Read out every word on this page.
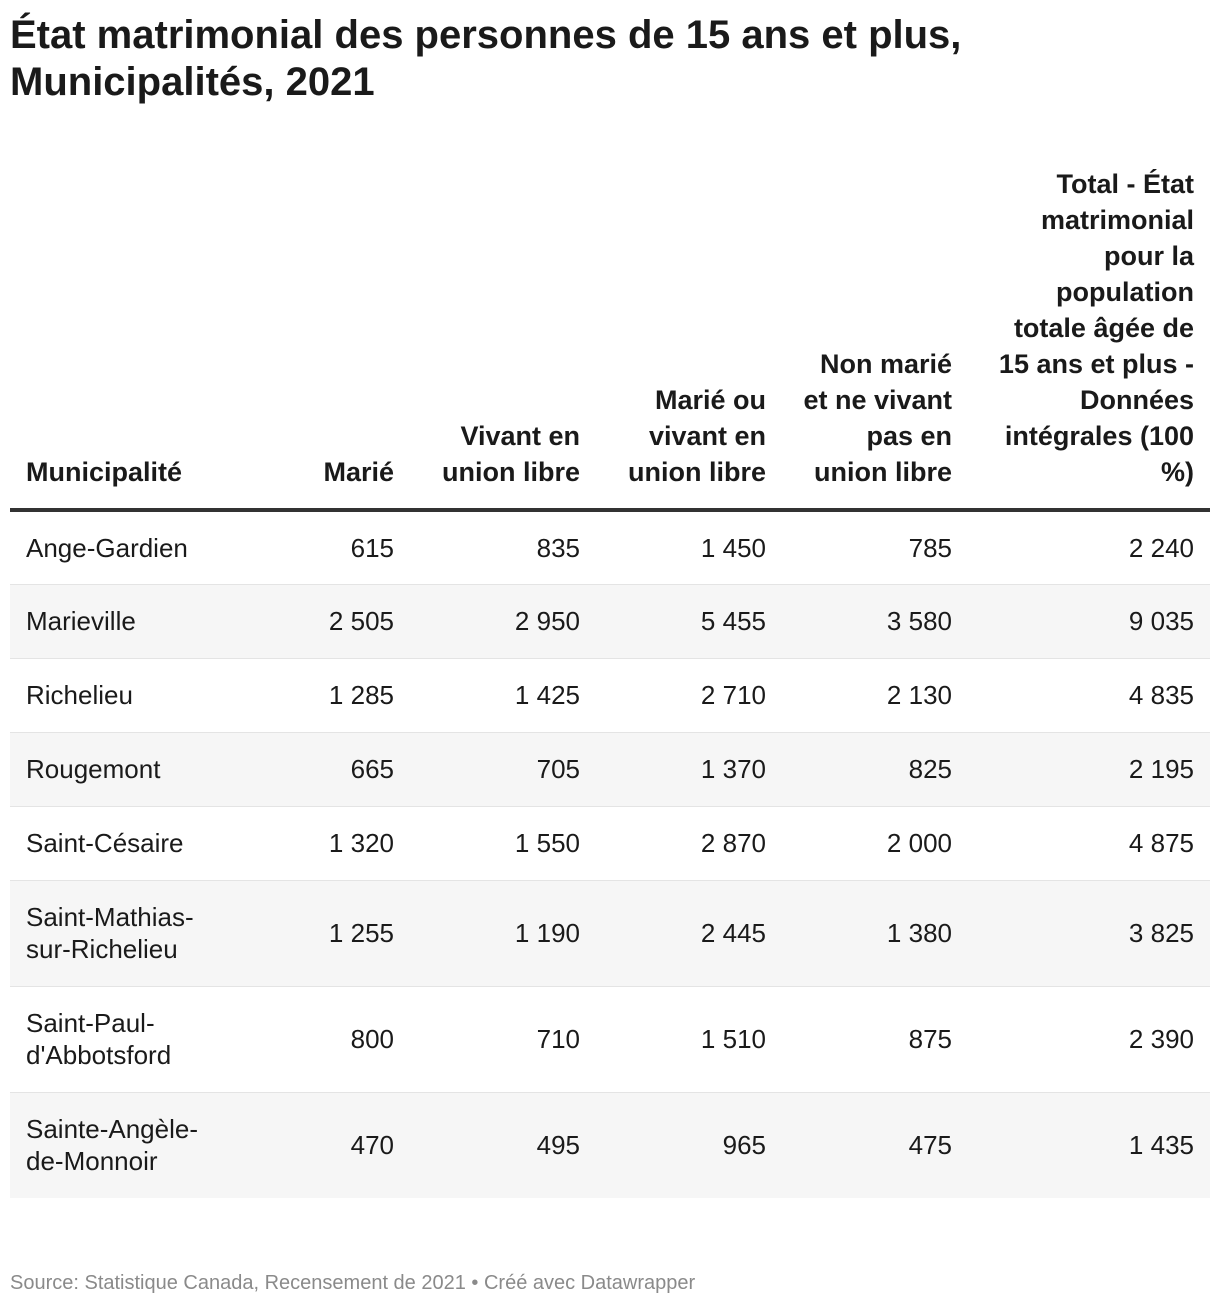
État matrimonial des personnes de 15 ans et plus, Municipalités, 2021
Municipalité	Marié	Vivant en union libre	Marié ou vivant en union libre	Non marié et ne vivant pas en union libre	Total - État matrimonial pour la population totale âgée de 15 ans et plus - Données intégrales (100 %)
Ange-Gardien	615	835	1 450	785	2 240
Marieville	2 505	2 950	5 455	3 580	9 035
Richelieu	1 285	1 425	2 710	2 130	4 835
Rougemont	665	705	1 370	825	2 195
Saint-Césaire	1 320	1 550	2 870	2 000	4 875
Saint-Mathias-sur-Richelieu	1 255	1 190	2 445	1 380	3 825
Saint-Paul-d'Abbotsford	800	710	1 510	875	2 390
Sainte-Angèle-de-Monnoir	470	495	965	475	1 435
Source: Statistique Canada, Recensement de 2021 • Créé avec Datawrapper
